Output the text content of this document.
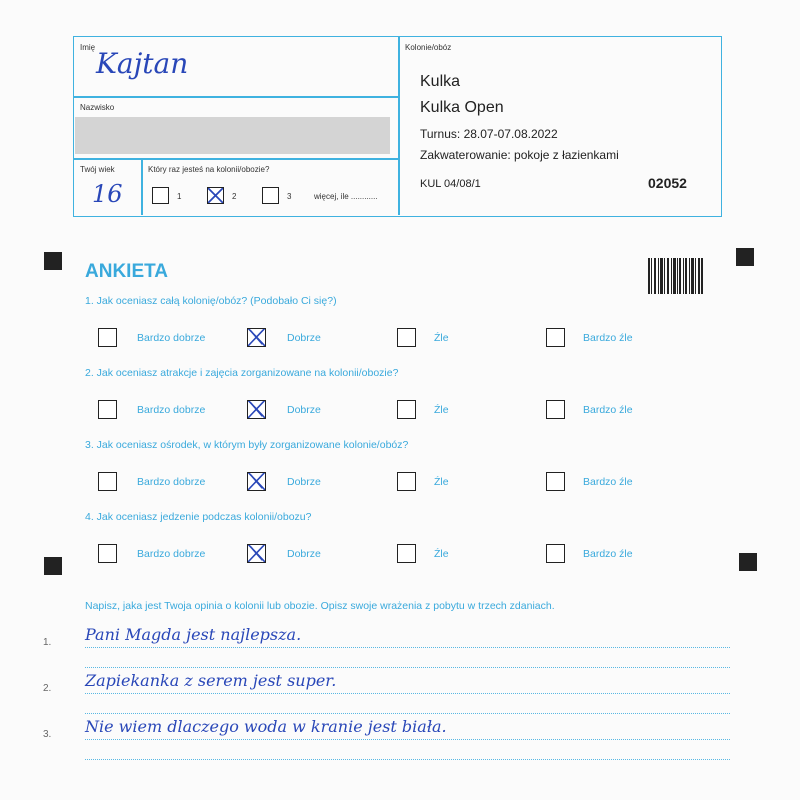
Imię Kajtan
Nazwisko
Twój wiek
16
Który raz jesteś na kolonii/obozie?
1	2	3	więcej, ile ............
Kolonie/obóz
Kulka
Kulka Open
Turnus: 28.07-07.08.2022
Zakwaterowanie: pokoje z łazienkami
KUL 04/08/1	02052
ANKIETA
1. Jak oceniasz całą kolonię/obóz? (Podobało Ci się?)
Bardzo dobrze	Dobrze	Źle	Bardzo źle
2. Jak oceniasz atrakcje i zajęcia zorganizowane na kolonii/obozie?
Bardzo dobrze	Dobrze	Źle	Bardzo źle
3. Jak oceniasz ośrodek, w którym były zorganizowane kolonie/obóz?
Bardzo dobrze	Dobrze	Źle	Bardzo źle
4. Jak oceniasz jedzenie podczas kolonii/obozu?
Bardzo dobrze	Dobrze	Źle	Bardzo źle
Napisz, jaka jest Twoja opinia o kolonii lub obozie. Opisz swoje wrażenia z pobytu w trzech zdaniach.
1. Pani Magda jest najlepsza.
2. Zapiekanka z serem jest super.
3. Nie wiem dlaczego woda w kranie jest biała.
